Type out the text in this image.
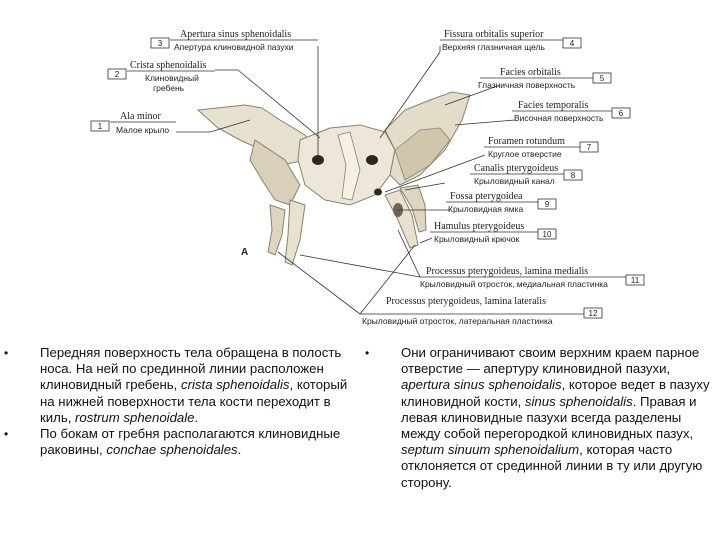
A
1
Ala minor
Малое крыло
2
Crista sphenoidalis
Клиновидный
гребень
3
Apertura sinus sphenoidalis
Апертура клиновидной пазухи
Fissura orbitalis superior
Верхняя глазничная щель	4
Facies orbitalis
Глазничная поверхность
5
Facies temporalis
Височная поверхность 6
Foramen rotundum
Круглое отверстие
7
Canalis pterygoideus
Крыловидный канал
8
Fossa pterygoidea
Крыловидная ямка	9
Hamulus pterygoideus
Крыловидный крючок	10
Processus pterygoideus, lamina medialis
Крыловидный отросток, медиальная пластинка	11
Processus pterygoideus, lamina lateralis
Крыловидный отросток, латеральная пластинка
12
• Передняя поверхность тела обращена в полость носа. На ней по срединной линии расположен клиновидный гребень, crista sphenoidalis, который на нижней поверхности тела кости переходит в киль, rostrum sphenoidale.
• По бокам от гребня располагаются клиновидные раковины, conchae sphenoidales.
• Они ограничивают своим верхним краем парное отверстие — апертуру клиновидной пазухи, apertura sinus sphenoidalis, которое ведет в пазуху клиновидной кости, sinus sphenoidalis. Правая и левая клиновидные пазухи всегда разделены между собой перегородкой клиновидных пазух, septum sinuum sphenoidalium, которая часто отклоняется от срединной линии в ту или другую сторону.
